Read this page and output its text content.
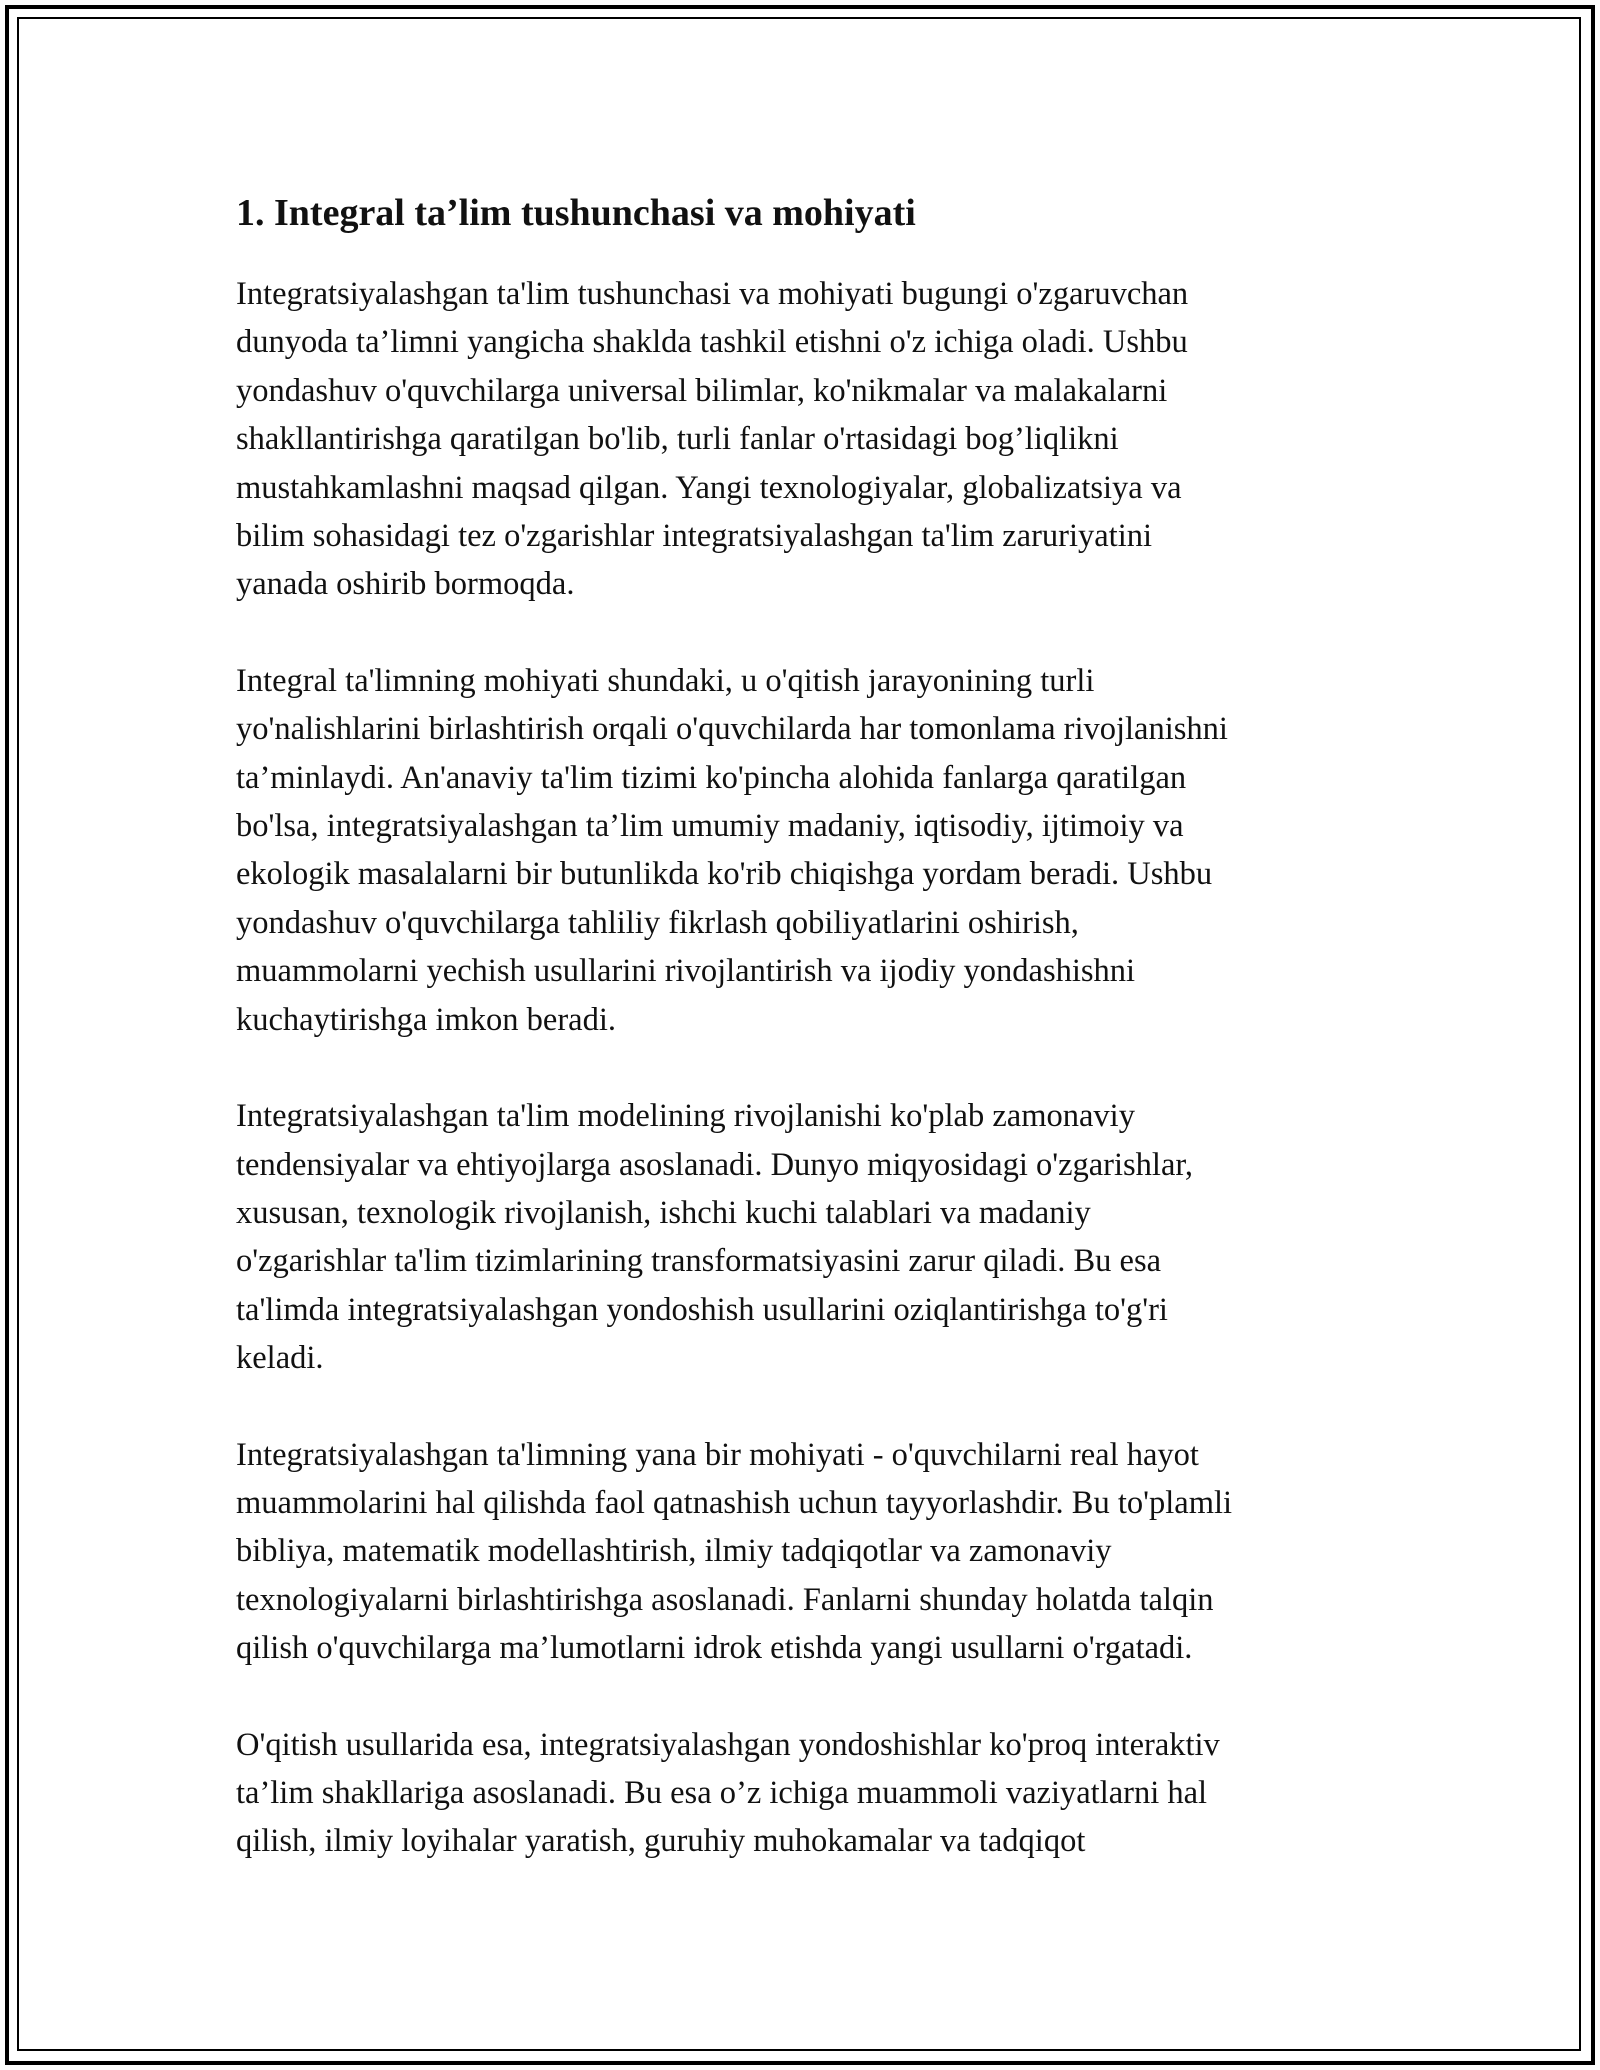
1. Integral ta’lim tushunchasi va mohiyati
Integratsiyalashgan ta'lim tushunchasi va mohiyati bugungi o'zgaruvchan
dunyoda ta’limni yangicha shaklda tashkil etishni o'z ichiga oladi. Ushbu
yondashuv o'quvchilarga universal bilimlar, ko'nikmalar va malakalarni
shakllantirishga qaratilgan bo'lib, turli fanlar o'rtasidagi bog’liqlikni
mustahkamlashni maqsad qilgan. Yangi texnologiyalar, globalizatsiya va
bilim sohasidagi tez o'zgarishlar integratsiyalashgan ta'lim zaruriyatini
yanada oshirib bormoqda.
Integral ta'limning mohiyati shundaki, u o'qitish jarayonining turli
yo'nalishlarini birlashtirish orqali o'quvchilarda har tomonlama rivojlanishni
ta’minlaydi. An'anaviy ta'lim tizimi ko'pincha alohida fanlarga qaratilgan
bo'lsa, integratsiyalashgan ta’lim umumiy madaniy, iqtisodiy, ijtimoiy va
ekologik masalalarni bir butunlikda ko'rib chiqishga yordam beradi. Ushbu
yondashuv o'quvchilarga tahliliy fikrlash qobiliyatlarini oshirish,
muammolarni yechish usullarini rivojlantirish va ijodiy yondashishni
kuchaytirishga imkon beradi.
Integratsiyalashgan ta'lim modelining rivojlanishi ko'plab zamonaviy
tendensiyalar va ehtiyojlarga asoslanadi. Dunyo miqyosidagi o'zgarishlar,
xususan, texnologik rivojlanish, ishchi kuchi talablari va madaniy
o'zgarishlar ta'lim tizimlarining transformatsiyasini zarur qiladi. Bu esa
ta'limda integratsiyalashgan yondoshish usullarini oziqlantirishga to'g'ri
keladi.
Integratsiyalashgan ta'limning yana bir mohiyati - o'quvchilarni real hayot
muammolarini hal qilishda faol qatnashish uchun tayyorlashdir. Bu to'plamli
bibliya, matematik modellashtirish, ilmiy tadqiqotlar va zamonaviy
texnologiyalarni birlashtirishga asoslanadi. Fanlarni shunday holatda talqin
qilish o'quvchilarga ma’lumotlarni idrok etishda yangi usullarni o'rgatadi.
O'qitish usullarida esa, integratsiyalashgan yondoshishlar ko'proq interaktiv
ta’lim shakllariga asoslanadi. Bu esa o’z ichiga muammoli vaziyatlarni hal
qilish, ilmiy loyihalar yaratish, guruhiy muhokamalar va tadqiqot
